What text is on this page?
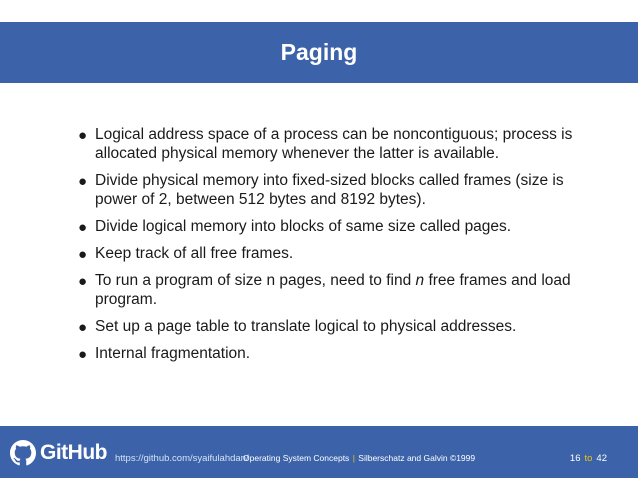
Paging
● Logical address space of a process can be noncontiguous; process is allocated physical memory whenever the latter is available.
● Divide physical memory into fixed-sized blocks called frames (size is power of 2, between 512 bytes and 8192 bytes).
● Divide logical memory into blocks of same size called pages.
● Keep track of all free frames.
● To run a program of size n pages, need to find n free frames and load program.
● Set up a page table to translate logical to physical addresses.
● Internal fragmentation.
GitHub https://github.com/syaifulahdan/
Operating System Concepts | Silberschatz and Galvin ©1999	16 to 42
